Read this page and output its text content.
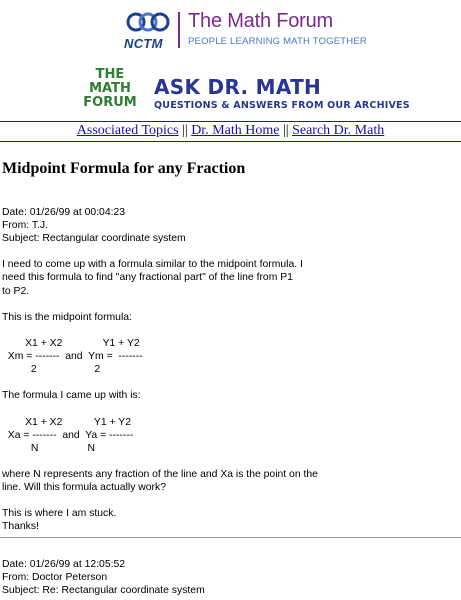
NCTM
The Math Forum
PEOPLE LEARNING MATH TOGETHER
THE
MATH
FORUM
ASK DR. MATH
QUESTIONS & ANSWERS FROM OUR ARCHIVES
Associated Topics || Dr. Math Home || Search Dr. Math
Midpoint Formula for any Fraction
Date: 01/26/99 at 00:04:23
From: T.J.
Subject: Rectangular coordinate system

I need to come up with a formula similar to the midpoint formula. I
need this formula to find "any fractional part" of the line from P1
to P2.

This is the midpoint formula:

X1 + X2              Y1 + Y2
Xm = -------  and  Ym =  -------
2                    2

The formula I came up with is:

X1 + X2           Y1 + Y2
Xa = -------  and  Ya = -------
N                 N

where N represents any fraction of the line and Xa is the point on the
line. Will this formula actually work?

This is where I am stuck.
Thanks!
Date: 01/26/99 at 12:05:52
From: Doctor Peterson
Subject: Re: Rectangular coordinate system
